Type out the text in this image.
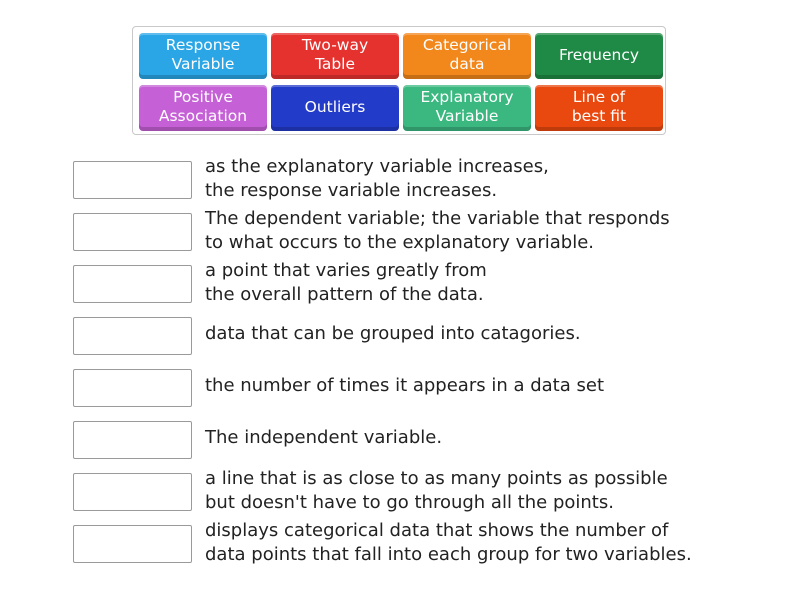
Response
Variable
Two-way
Table
Categorical
data
Frequency
Positive
Association
Outliers
Explanatory
Variable
Line of
best fit
as the explanatory variable increases,
the response variable increases.
The dependent variable; the variable that responds
to what occurs to the explanatory variable.
a point that varies greatly from
the overall pattern of the data.
data that can be grouped into catagories.
the number of times it appears in a data set
The independent variable.
a line that is as close to as many points as possible
but doesn't have to go through all the points.
displays categorical data that shows the number of
data points that fall into each group for two variables.
